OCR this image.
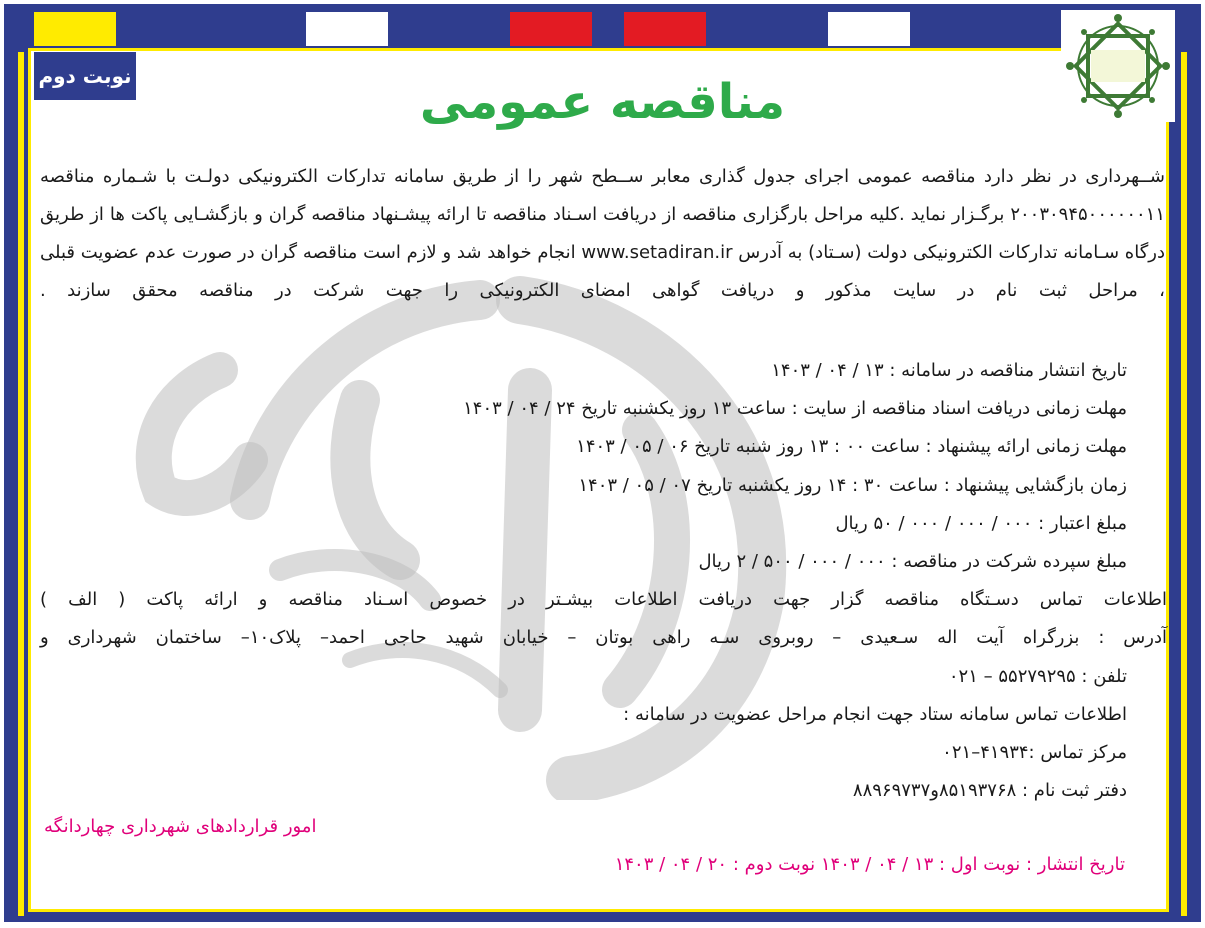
نوبت دوم	مناقصه عمومی

شــهرداری در نظر دارد مناقصه عمومی اجرای جدول گذاری معابر ســطح شهر را از طریق سامانه تدارکات الکترونیکی دولـت با شـماره مناقصه ۲۰۰۳۰۹۴۵۰۰۰۰۰۰۱۱ برگـزار نماید .کلیه مراحل بارگزاری مناقصه از دریافت اسـناد مناقصه تا ارائه پیشـنهاد مناقصه گران و بازگشـایی پاکت ها از طریق درگاه سـامانه تدارکات الکترونیکی دولت (سـتاد) به آدرس www.setadiran.ir انجام خواهد شد و لازم است مناقصه گران در صورت عدم عضویت قبلی ، مراحل ثبت نام در سایت مذکور و دریافت گواهی امضای الکترونیکی را جهت شرکت در مناقصه محقق سازند .

تاریخ انتشار مناقصه در سامانه : ۱۳ / ۰۴ / ۱۴۰۳
مهلت زمانی دریافت اسناد مناقصه از سایت : ساعت ۱۳ روز یکشنبه تاریخ ۲۴ / ۰۴ / ۱۴۰۳
مهلت زمانی ارائه پیشنهاد : ساعت ۰۰ : ۱۳ روز شنبه تاریخ ۰۶ / ۰۵ / ۱۴۰۳
زمان بازگشایی پیشنهاد : ساعت ۳۰ : ۱۴ روز یکشنبه تاریخ ۰۷ / ۰۵ / ۱۴۰۳
مبلغ اعتبار : ۰۰۰ / ۰۰۰ / ۰۰۰ / ۵۰ ریال
مبلغ سپرده شرکت در مناقصه : ۰۰۰ / ۰۰۰ / ۵۰۰ / ۲ ریال
اطلاعات تماس دسـتگاه مناقصه گزار جهت دریافت اطلاعات بیشـتر در خصوص اسـناد مناقصه و ارائه پاکت ( الف )
آدرس : بزرگراه آیت اله سـعیدی – روبروی سـه راهی بوتان – خیابان شهید حاجی احمد– پلاک۱۰– ساختمان شهرداری و
تلفن : ۵۵۲۷۹۲۹۵ – ۰۲۱
اطلاعات تماس سامانه ستاد جهت انجام مراحل عضویت در سامانه :
مرکز تماس :۴۱۹۳۴–۰۲۱
دفتر ثبت نام : ۸۵۱۹۳۷۶۸و۸۸۹۶۹۷۳۷
امور قراردادهای شهرداری چهاردانگه
تاریخ انتشار : نوبت اول : ۱۳ / ۰۴ / ۱۴۰۳ نوبت دوم : ۲۰ / ۰۴ / ۱۴۰۳
